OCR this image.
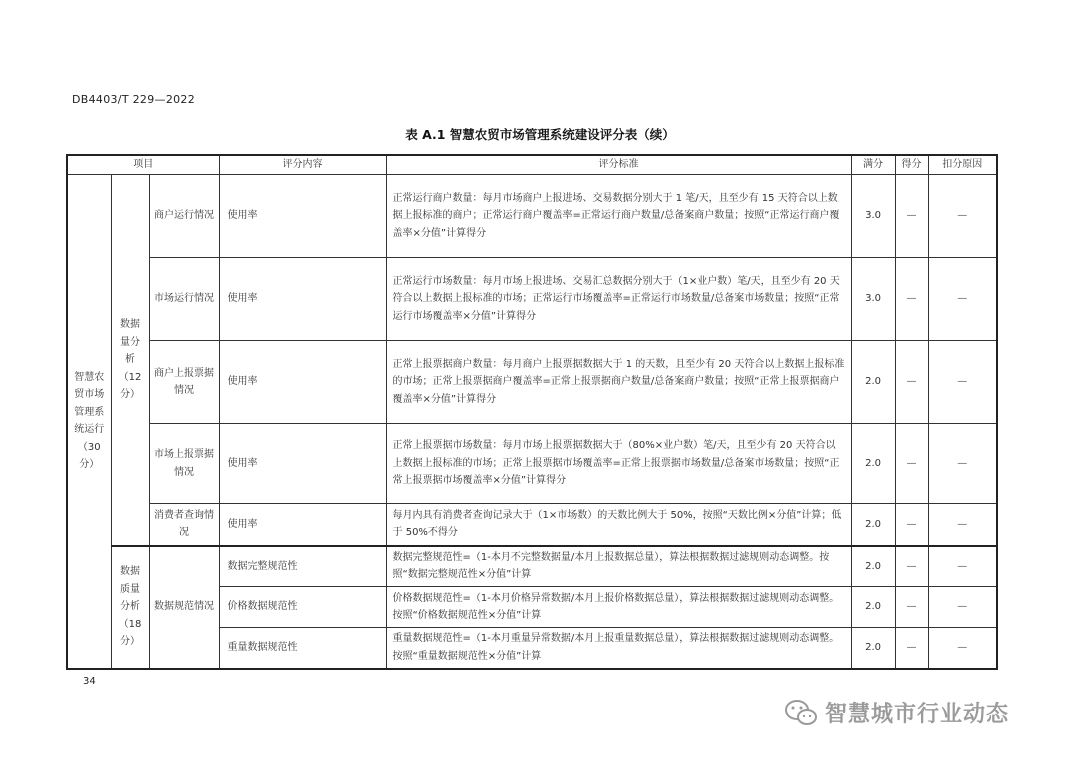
DB4403/T 229—2022
表 A.1 智慧农贸市场管理系统建设评分表（续）
项目			评分内容	评分标准	满分	得分	扣分原因
智慧农贸市场管理系统运行（30分）	数据量分析（12分）	商户运行情况	使用率	正常运行商户数量：每月市场商户上报进场、交易数据分别大于 1 笔/天，且至少有 15 天符合以上数据上报标准的商户；正常运行商户覆盖率=正常运行商户数量/总备案商户数量；按照“正常运行商户覆盖率×分值”计算得分	3.0	—	—
		市场运行情况	使用率	正常运行市场数量：每月市场上报进场、交易汇总数据分别大于（1×业户数）笔/天，且至少有 20 天符合以上数据上报标准的市场；正常运行市场覆盖率=正常运行市场数量/总备案市场数量；按照“正常运行市场覆盖率×分值”计算得分	3.0	—	—
		商户上报票据情况	使用率	正常上报票据商户数量：每月商户上报票据数据大于 1 的天数，且至少有 20 天符合以上数据上报标准的市场；正常上报票据商户覆盖率=正常上报票据商户数量/总备案商户数量；按照“正常上报票据商户覆盖率×分值”计算得分	2.0	—	—
		市场上报票据情况	使用率	正常上报票据市场数量：每月市场上报票据数据大于（80%×业户数）笔/天，且至少有 20 天符合以上数据上报标准的市场；正常上报票据市场覆盖率=正常上报票据市场数量/总备案市场数量；按照“正常上报票据市场覆盖率×分值”计算得分	2.0	—	—
		消费者查询情况	使用率	每月内具有消费者查询记录大于（1×市场数）的天数比例大于 50%，按照“天数比例×分值”计算；低于 50%不得分	2.0	—	—
	数据质量分析（18分）	数据规范情况	数据完整规范性	数据完整规范性=（1-本月不完整数据量/本月上报数据总量），算法根据数据过滤规则动态调整。按照“数据完整规范性×分值”计算	2.0	—	—
			价格数据规范性	价格数据规范性=（1-本月价格异常数据/本月上报价格数据总量），算法根据数据过滤规则动态调整。按照“价格数据规范性×分值”计算	2.0	—	—
			重量数据规范性	重量数据规范性=（1-本月重量异常数据/本月上报重量数据总量），算法根据数据过滤规则动态调整。按照“重量数据规范性×分值”计算	2.0	—	—
34
智慧城市行业动态
